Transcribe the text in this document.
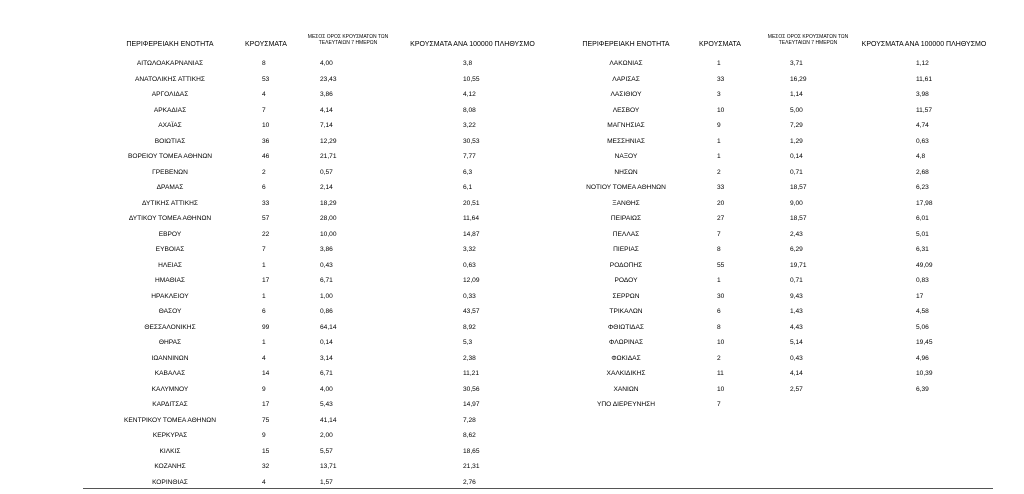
ΠΕΡΙΦΕΡΕΙΑΚΗ ΕΝΟΤΗΤΑ	ΚΡΟΥΣΜΑΤΑ
ΜΕΣΟΣ ΟΡΟΣ ΚΡΟΥΣΜΑΤΩΝ ΤΩΝ
ΤΕΛΕΥΤΑΙΩΝ 7 ΗΜΕΡΩΝ	ΚΡΟΥΣΜΑΤΑ ΑΝΑ 100000 ΠΛΗΘΥΣΜΟ	ΠΕΡΙΦΕΡΕΙΑΚΗ ΕΝΟΤΗΤΑ	ΚΡΟΥΣΜΑΤΑ
ΜΕΣΟΣ ΟΡΟΣ ΚΡΟΥΣΜΑΤΩΝ ΤΩΝ
ΤΕΛΕΥΤΑΙΩΝ 7 ΗΜΕΡΩΝ	ΚΡΟΥΣΜΑΤΑ ΑΝΑ 100000 ΠΛΗΘΥΣΜΟ
ΑΙΤΩΛΟΑΚΑΡΝΑΝΙΑΣ	8	4,00	3,8
ΑΝΑΤΟΛΙΚΗΣ ΑΤΤΙΚΗΣ	53	23,43	10,55
ΑΡΓΟΛΙΔΑΣ	4	3,86	4,12
ΑΡΚΑΔΙΑΣ	7	4,14	8,08
ΑΧΑΪΑΣ	10	7,14	3,22
ΒΟΙΩΤΙΑΣ	36	12,29	30,53
ΒΟΡΕΙΟΥ ΤΟΜΕΑ ΑΘΗΝΩΝ	46	21,71	7,77
ΓΡΕΒΕΝΩΝ	2	0,57	6,3
ΔΡΑΜΑΣ	6	2,14	6,1
ΔΥΤΙΚΗΣ ΑΤΤΙΚΗΣ	33	18,29	20,51
ΔΥΤΙΚΟΥ ΤΟΜΕΑ ΑΘΗΝΩΝ	57	28,00	11,64
ΕΒΡΟΥ	22	10,00	14,87
ΕΥΒΟΙΑΣ	7	3,86	3,32
ΗΛΕΙΑΣ	1	0,43	0,63
ΗΜΑΘΙΑΣ	17	6,71	12,09
ΗΡΑΚΛΕΙΟΥ	1	1,00	0,33
ΘΑΣΟΥ	6	0,86	43,57
ΘΕΣΣΑΛΟΝΙΚΗΣ	99	64,14	8,92
ΘΗΡΑΣ	1	0,14	5,3
ΙΩΑΝΝΙΝΩΝ	4	3,14	2,38
ΚΑΒΑΛΑΣ	14	6,71	11,21
ΚΑΛΥΜΝΟΥ	9	4,00	30,56
ΚΑΡΔΙΤΣΑΣ	17	5,43	14,97
ΚΕΝΤΡΙΚΟΥ ΤΟΜΕΑ ΑΘΗΝΩΝ	75	41,14	7,28
ΚΕΡΚΥΡΑΣ	9	2,00	8,62
ΚΙΛΚΙΣ	15	5,57	18,65
ΚΟΖΑΝΗΣ	32	13,71	21,31
ΚΟΡΙΝΘΙΑΣ	4	1,57	2,76
ΛΑΚΩΝΙΑΣ	1	3,71	1,12
ΛΑΡΙΣΑΣ	33	16,29	11,61
ΛΑΣΙΘΙΟΥ	3	1,14	3,98
ΛΕΣΒΟΥ	10	5,00	11,57
ΜΑΓΝΗΣΙΑΣ	9	7,29	4,74
ΜΕΣΣΗΝΙΑΣ	1	1,29	0,63
ΝΑΞΟΥ	1	0,14	4,8
ΝΗΣΩΝ	2	0,71	2,68
ΝΟΤΙΟΥ ΤΟΜΕΑ ΑΘΗΝΩΝ	33	18,57	6,23
ΞΑΝΘΗΣ	20	9,00	17,98
ΠΕΙΡΑΙΩΣ	27	18,57	6,01
ΠΕΛΛΑΣ	7	2,43	5,01
ΠΙΕΡΙΑΣ	8	6,29	6,31
ΡΟΔΟΠΗΣ	55	19,71	49,09
ΡΟΔΟΥ	1	0,71	0,83
ΣΕΡΡΩΝ	30	9,43	17
ΤΡΙΚΑΛΩΝ	6	1,43	4,58
ΦΘΙΩΤΙΔΑΣ	8	4,43	5,06
ΦΛΩΡΙΝΑΣ	10	5,14	19,45
ΦΩΚΙΔΑΣ	2	0,43	4,96
ΧΑΛΚΙΔΙΚΗΣ	11	4,14	10,39
ΧΑΝΙΩΝ	10	2,57	6,39
ΥΠΟ ΔΙΕΡΕΥΝΗΣΗ	7
